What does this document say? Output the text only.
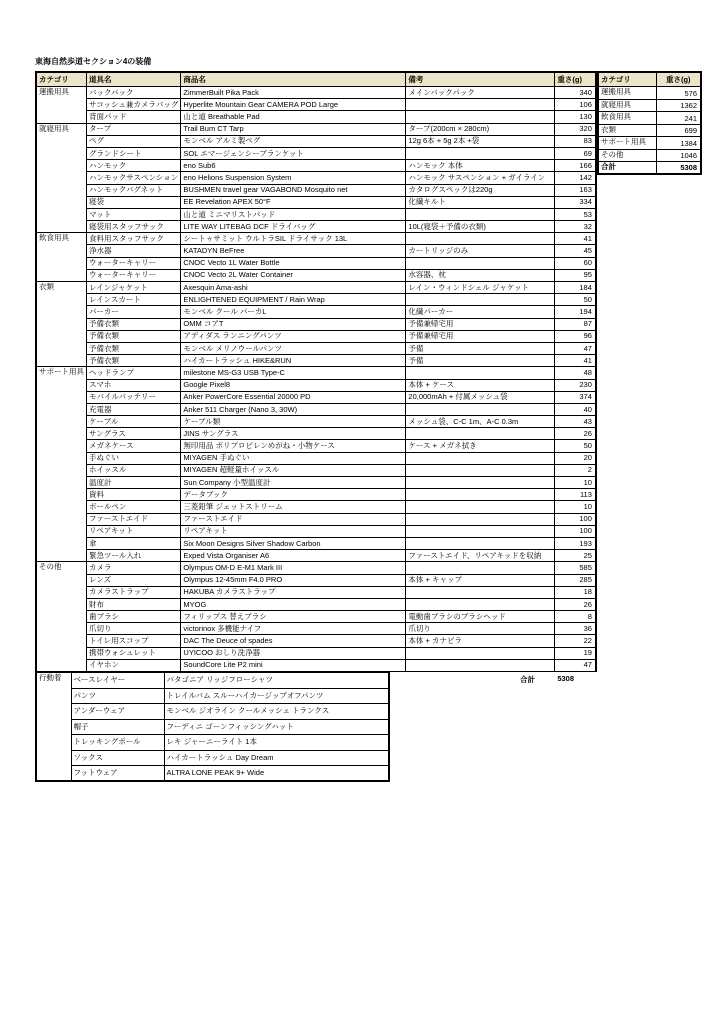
東海自然歩道セクション4の装備
カテゴリ	道具名	商品名	備考	重さ(g)
運搬用具	バックパック	ZimmerBuilt Pika Pack	メインバックパック	340
	サコッシュ兼カメラバッグ	Hyperlite Mountain Gear CAMERA POD Large		106
	背面パッド	山と道 Breathable Pad		130
就寝用具	タープ	Trail Bum CT Tarp	タープ(200cm × 280cm)	320
	ペグ	モンベル アルミ製ペグ	12g 6本 + 5g 2本 +袋	83
	グランドシート	SOL エマージェンシーブランケット		69
	ハンモック	eno Sub6	ハンモック 本体	166
	ハンモックサスペンション	eno Helions Suspension System	ハンモック サスペンション + ガイライン	142
	ハンモックバグネット	BUSHMEN travel gear VAGABOND Mosquito net	カタログスペックは220g	163
	寝袋	EE Revelation APEX 50°F	化繊キルト	334
	マット	山と道 ミニマリストパッド		53
	寝袋用スタッフサック	LITE WAY LITEBAG DCF ドライバッグ	10L(寝袋＋予備の衣類)	32
飲食用具	食料用スタッフサック	シートゥサミット ウルトラSIL ドライサック 13L		41
	浄水器	KATADYN BeFree	カートリッジのみ	45
	ウォーターキャリー	CNOC Vecto 1L Water Bottle		60
	ウォーターキャリー	CNOC Vecto 2L Water Container	水容器、枕	95
衣類	レインジャケット	Axesquin Ama-ashi	レイン・ウィンドシェル ジャケット	184
	レインスカート	ENLIGHTENED EQUIPMENT / Rain Wrap		50
	パーカー	モンベル クール パーカL	化繊パーカー	194
	予備衣類	OMM コアT	予備兼帰宅用	87
	予備衣類	アディダス ランニングパンツ	予備兼帰宅用	96
	予備衣類	モンベル メリノウールパンツ	予備	47
	予備衣類	ハイカートラッシュ HIKE&RUN	予備	41
サポート用具	ヘッドランプ	milestone MS-G3 USB Type-C		48
	スマホ	Google Pixel8	本体 + ケース	230
	モバイルバッテリー	Anker PowerCore Essential 20000 PD	20,000mAh + 付属メッシュ袋	374
	充電器	Anker 511 Charger (Nano 3, 30W)		40
	ケーブル	ケーブル類	メッシュ袋、C-C 1m、A-C 0.3m	43
	サングラス	JINS サングラス		26
	メガネケース	無印用品 ポリプロピレンめがね・小物ケース	ケース + メガネ拭き	50
	手ぬぐい	MIYAGEN 手ぬぐい		20
	ホイッスル	MIYAGEN 超軽量ホイッスル		2
	温度計	Sun Company 小型温度計		10
	資料	データブック		113
	ボールペン	三菱鉛筆 ジェットストリーム		10
	ファーストエイド	ファーストエイド		100
	リペアキット	リペアキット		100
	傘	Six Moon Designs Silver Shadow Carbon		193
	緊急ツール入れ	Exped Vista Organiser A6	ファーストエイド、リペアキッドを収納	25
その他	カメラ	Olympus OM-D E-M1 Mark III		585
	レンズ	Olympus 12-45mm F4.0 PRO	本体 + キャップ	285
	カメラストラップ	HAKUBA カメラストラップ		18
	財布	MYOG		26
	歯ブラシ	フィリップス 替えブラシ	電動歯ブラシのブラシヘッド	8
	爪切り	victorinox 多機能ナイフ	爪切り	36
	トイレ用スコップ	DAC The Deuce of spades	本体 + カナビラ	22
	携帯ウォシュレット	UYICOO おしり洗浄器		19
	イヤホン	SoundCore Lite P2 mini		47
行動着	ベースレイヤー	パタゴニア リッジフローシャツ
	パンツ	トレイルバム スルーハイカージップオフパンツ
	アンダーウェア	モンベル ジオライン クールメッシュ トランクス
	帽子	フーディニ ゴーンフィッシングハット
	トレッキングポール	レキ ジャーニーライト 1本
	ソックス	ハイカートラッシュ Day Dream
	フットウェア	ALTRA LONE PEAK 9+ Wide
合計	5308
カテゴリ	重さ(g)
運搬用具	576
就寝用具	1362
飲食用具	241
衣類	699
サポート用具	1384
その他	1046
合計	5308
